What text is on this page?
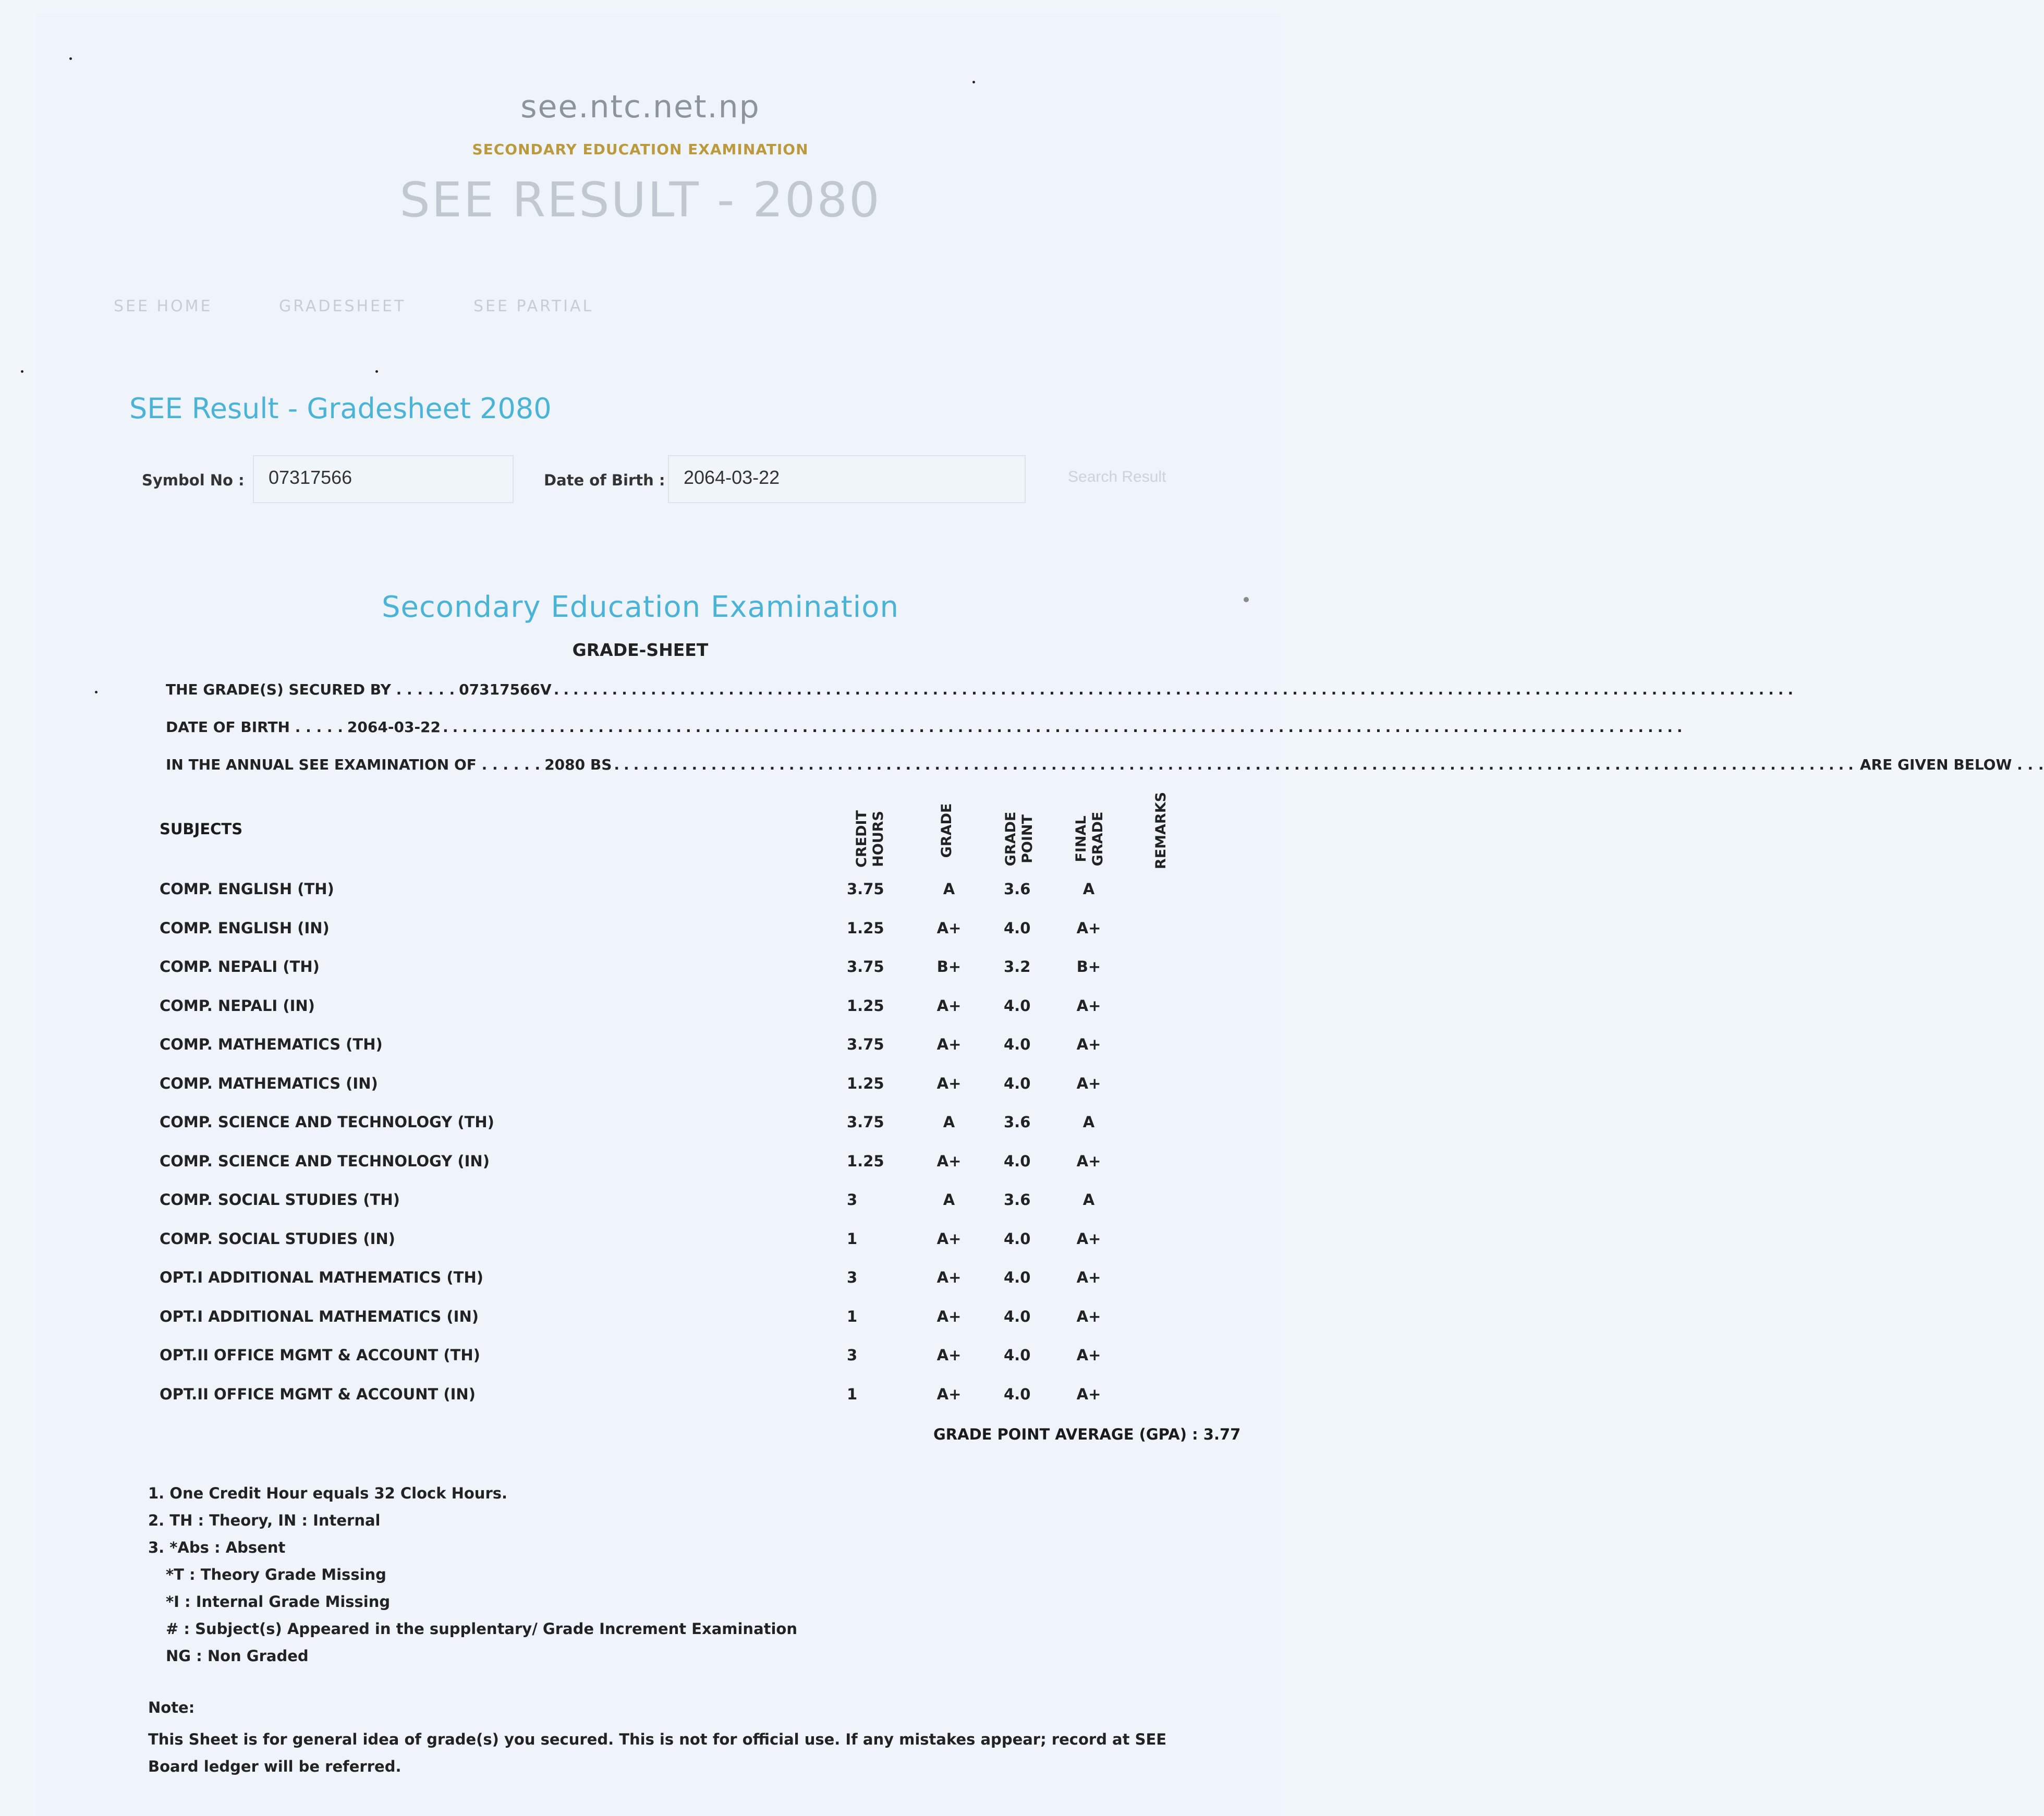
see.ntc.net.np
SECONDARY EDUCATION EXAMINATION
SEE RESULT - 2080
SEE HOME	GRADESHEET	SEE PARTIAL
SEE Result - Gradesheet 2080
Symbol No :	07317566	Date of Birth : 2064-03-22	Search Result
Secondary Education Examination
GRADE-SHEET
THE GRADE(S) SECURED BY . . . . . . 07317566V ................................................................................................................................
DATE OF BIRTH . . . . . 2064-03-22 ................................................................................................................................
IN THE ANNUAL SEE EXAMINATION OF . . . . . . 2080 BS ................................................................................................................................ ARE GIVEN BELOW . . .
SUBJECTS	CREDIT HOURS	GRADE	GRADE POINT	FINAL GRADE	REMARKS
COMP. ENGLISH (TH)	3.75	A	3.6	A
COMP. ENGLISH (IN)	1.25	A+	4.0	A+
COMP. NEPALI (TH)	3.75	B+	3.2	B+
COMP. NEPALI (IN)	1.25	A+	4.0	A+
COMP. MATHEMATICS (TH)	3.75	A+	4.0	A+
COMP. MATHEMATICS (IN)	1.25	A+	4.0	A+
COMP. SCIENCE AND TECHNOLOGY (TH)	3.75	A	3.6	A
COMP. SCIENCE AND TECHNOLOGY (IN)	1.25	A+	4.0	A+
COMP. SOCIAL STUDIES (TH)	3	A	3.6	A
COMP. SOCIAL STUDIES (IN)	1	A+	4.0	A+
OPT.I ADDITIONAL MATHEMATICS (TH)	3	A+	4.0	A+
OPT.I ADDITIONAL MATHEMATICS (IN)	1	A+	4.0	A+
OPT.II OFFICE MGMT & ACCOUNT (TH)	3	A+	4.0	A+
OPT.II OFFICE MGMT & ACCOUNT (IN)	1	A+	4.0	A+
GRADE POINT AVERAGE (GPA) : 3.77
1. One Credit Hour equals 32 Clock Hours.
2. TH : Theory, IN : Internal
3. *Abs : Absent
*T : Theory Grade Missing
*I : Internal Grade Missing
# : Subject(s) Appeared in the supplentary/ Grade Increment Examination
NG : Non Graded
Note:
This Sheet is for general idea of grade(s) you secured. This is not for official use. If any mistakes appear; record at SEE Board ledger will be referred.
